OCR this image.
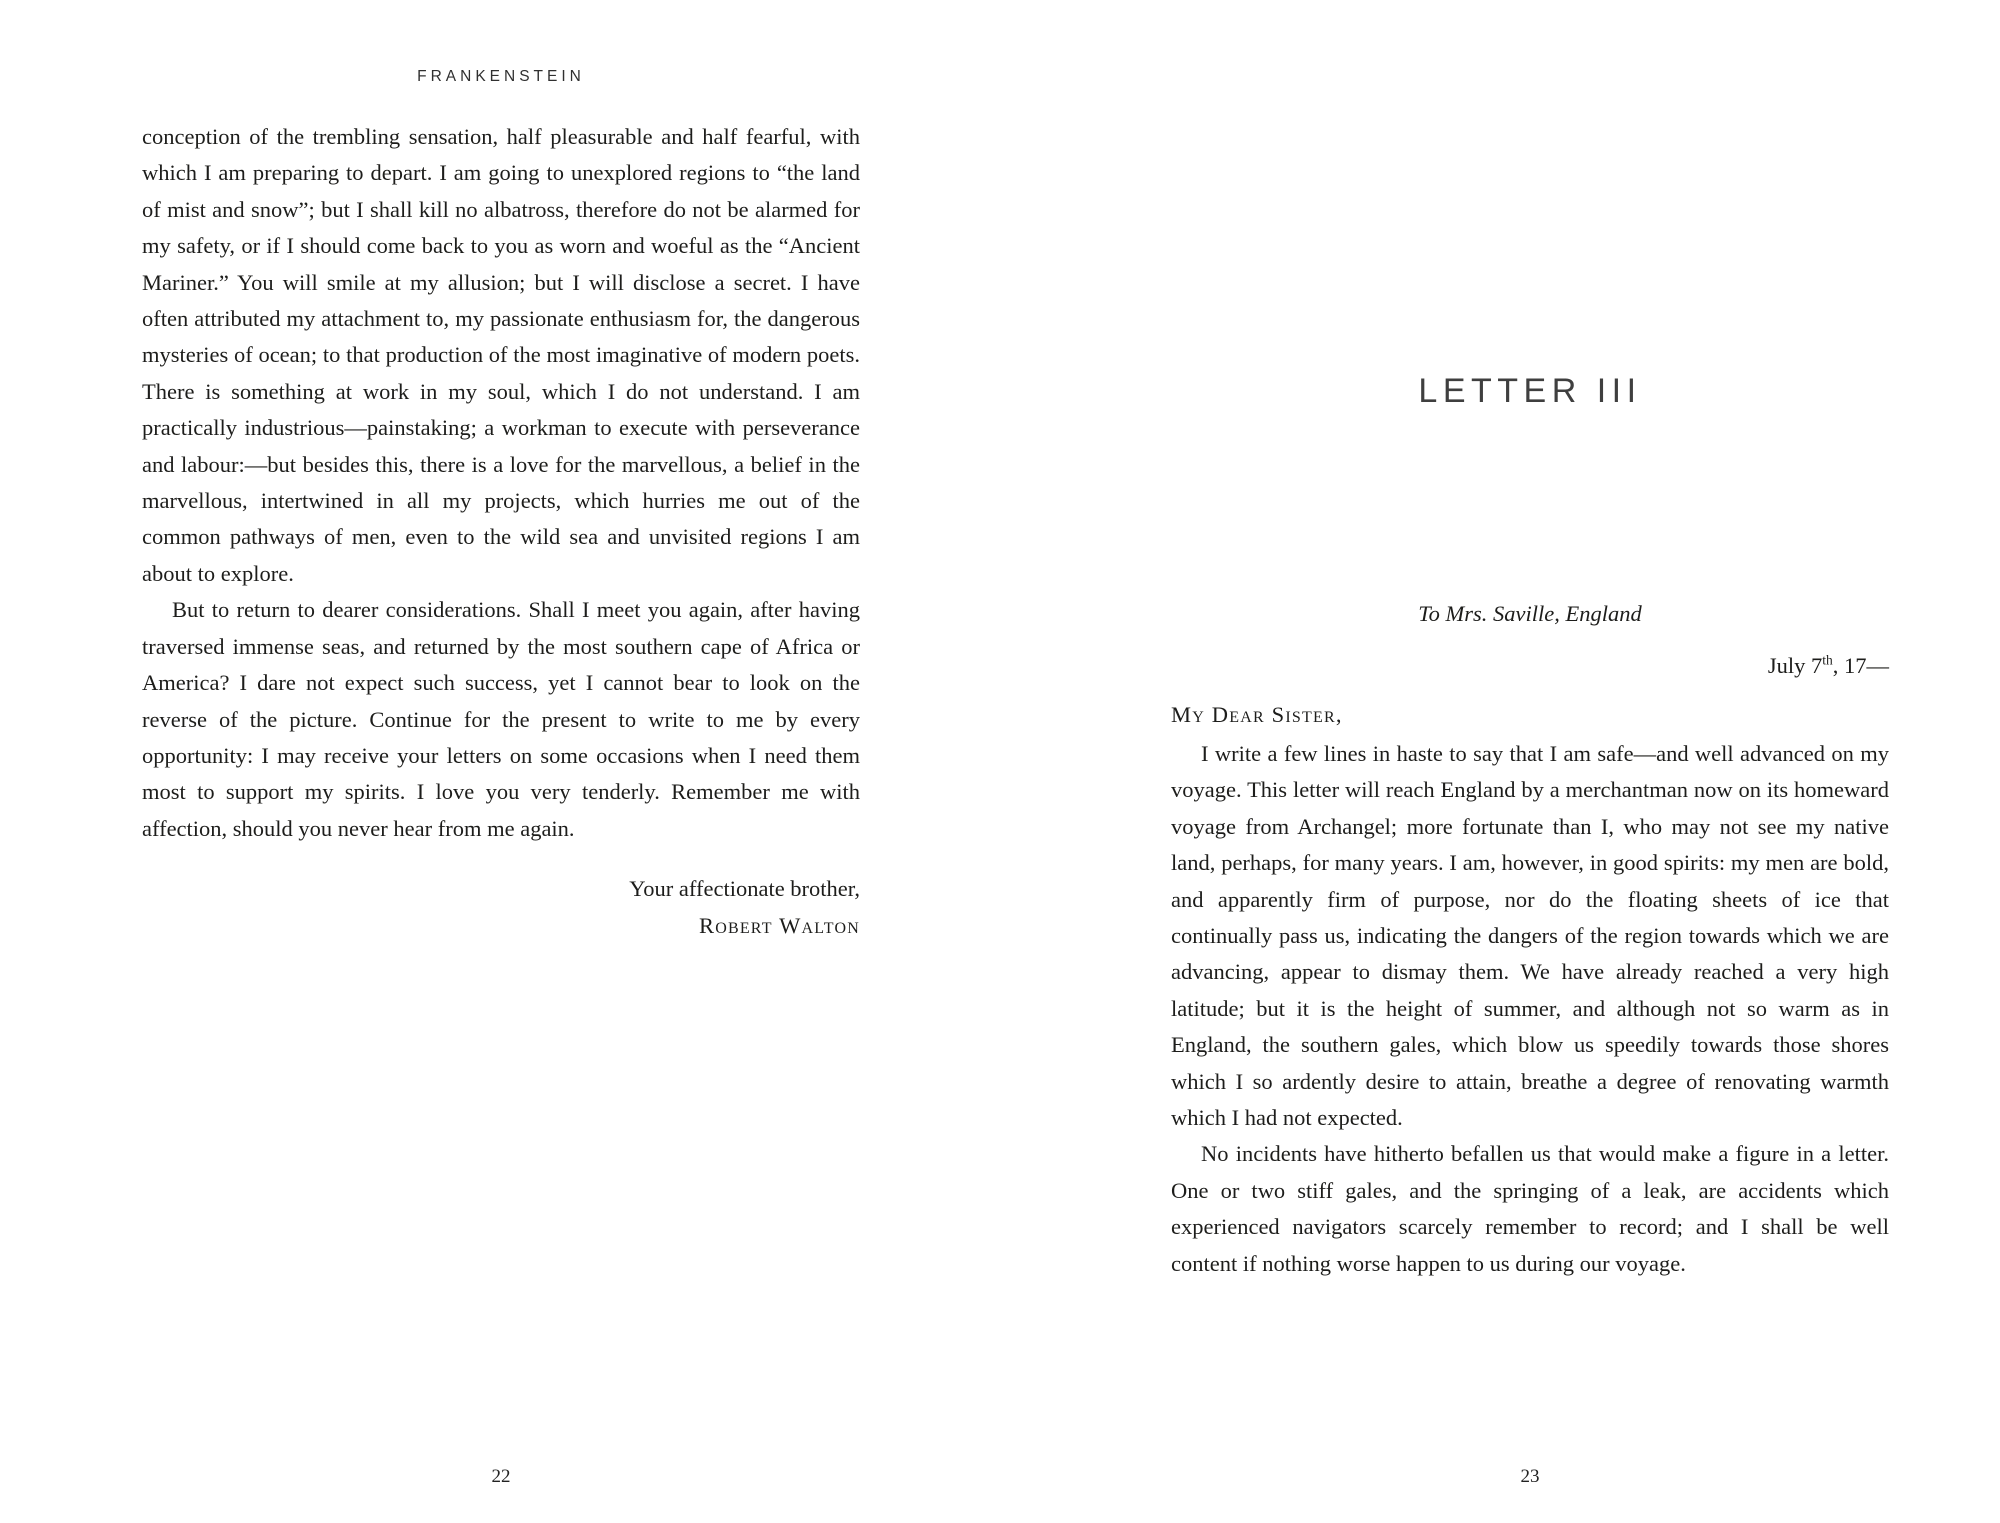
FRANKENSTEIN

conception of the trembling sensation, half pleasurable and half fearful, with which I am preparing to depart. I am going to unexplored regions to “the land of mist and snow”; but I shall kill no albatross, therefore do not be alarmed for my safety, or if I should come back to you as worn and woeful as the “Ancient Mariner.” You will smile at my allusion; but I will disclose a secret. I have often attributed my attachment to, my passionate enthusiasm for, the dangerous mysteries of ocean; to that production of the most imaginative of modern poets. There is something at work in my soul, which I do not understand. I am practically industrious—painstaking; a workman to execute with perseverance and labour:—but besides this, there is a love for the marvellous, a belief in the marvellous, intertwined in all my projects, which hurries me out of the common pathways of men, even to the wild sea and unvisited regions I am about to explore.

But to return to dearer considerations. Shall I meet you again, after having traversed immense seas, and returned by the most southern cape of Africa or America? I dare not expect such success, yet I cannot bear to look on the reverse of the picture. Continue for the present to write to me by every opportunity: I may receive your letters on some occasions when I need them most to support my spirits. I love you very tenderly. Remember me with affection, should you never hear from me again.

Your affectionate brother,
Robert Walton
22
LETTER III
To Mrs. Saville, England
July 7th, 17—
My Dear Sister,

I write a few lines in haste to say that I am safe—and well advanced on my voyage. This letter will reach England by a merchantman now on its homeward voyage from Archangel; more fortunate than I, who may not see my native land, perhaps, for many years. I am, however, in good spirits: my men are bold, and apparently firm of purpose, nor do the floating sheets of ice that continually pass us, indicating the dangers of the region towards which we are advancing, appear to dismay them. We have already reached a very high latitude; but it is the height of summer, and although not so warm as in England, the southern gales, which blow us speedily towards those shores which I so ardently desire to attain, breathe a degree of renovating warmth which I had not expected.

No incidents have hitherto befallen us that would make a figure in a letter. One or two stiff gales, and the springing of a leak, are accidents which experienced navigators scarcely remember to record; and I shall be well content if nothing worse happen to us during our voyage.

23
